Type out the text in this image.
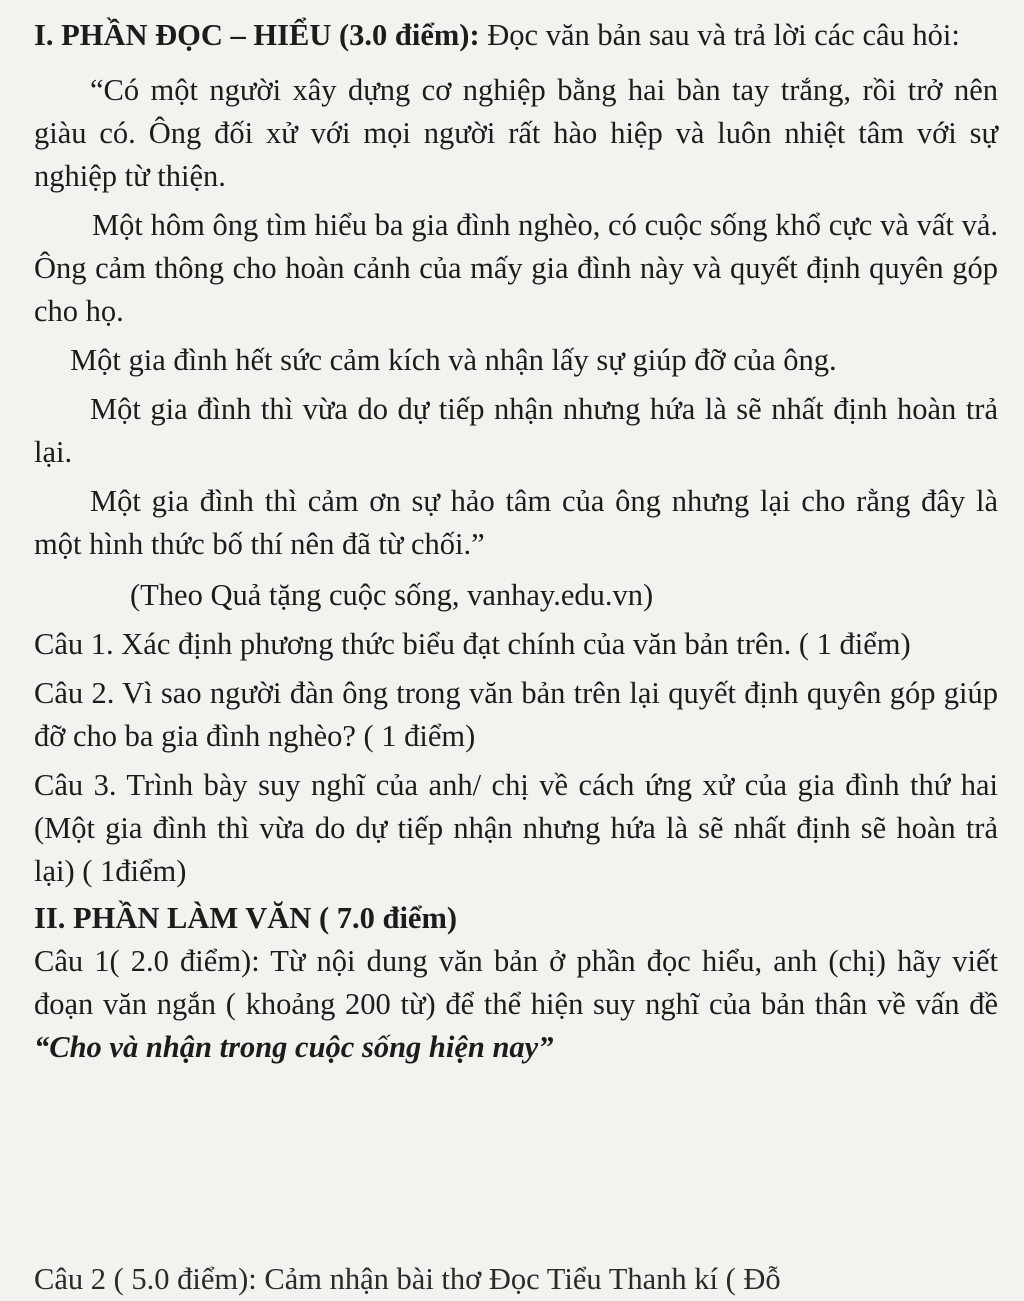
I. PHẦN ĐỌC – HIỂU (3.0 điểm): Đọc văn bản sau và trả lời các câu hỏi:

“Có một người xây dựng cơ nghiệp bằng hai bàn tay trắng, rồi trở nên giàu có. Ông đối xử với mọi người rất hào hiệp và luôn nhiệt tâm với sự nghiệp từ thiện.

Một hôm ông tìm hiểu ba gia đình nghèo, có cuộc sống khổ cực và vất vả. Ông cảm thông cho hoàn cảnh của mấy gia đình này và quyết định quyên góp cho họ.

Một gia đình hết sức cảm kích và nhận lấy sự giúp đỡ của ông.

Một gia đình thì vừa do dự tiếp nhận nhưng hứa là sẽ nhất định hoàn trả lại.

Một gia đình thì cảm ơn sự hảo tâm của ông nhưng lại cho rằng đây là một hình thức bố thí nên đã từ chối.”

(Theo Quả tặng cuộc sống, vanhay.edu.vn)

Câu 1. Xác định phương thức biểu đạt chính của văn bản trên. ( 1 điểm)

Câu 2. Vì sao người đàn ông trong văn bản trên lại quyết định quyên góp giúp đỡ cho ba gia đình nghèo? ( 1 điểm)

Câu 3. Trình bày suy nghĩ của anh/ chị về cách ứng xử của gia đình thứ hai (Một gia đình thì vừa do dự tiếp nhận nhưng hứa là sẽ nhất định sẽ hoàn trả lại) ( 1điểm)

II. PHẦN LÀM VĂN ( 7.0 điểm)

Câu 1( 2.0 điểm): Từ nội dung văn bản ở phần đọc hiểu, anh (chị) hãy viết đoạn văn ngắn ( khoảng 200 từ) để thể hiện suy nghĩ của bản thân về vấn đề “Cho và nhận trong cuộc sống hiện nay”

Câu 2 ( 5.0 điểm): Cảm nhận bài thơ Đọc Tiểu Thanh kí ( Đỗ
